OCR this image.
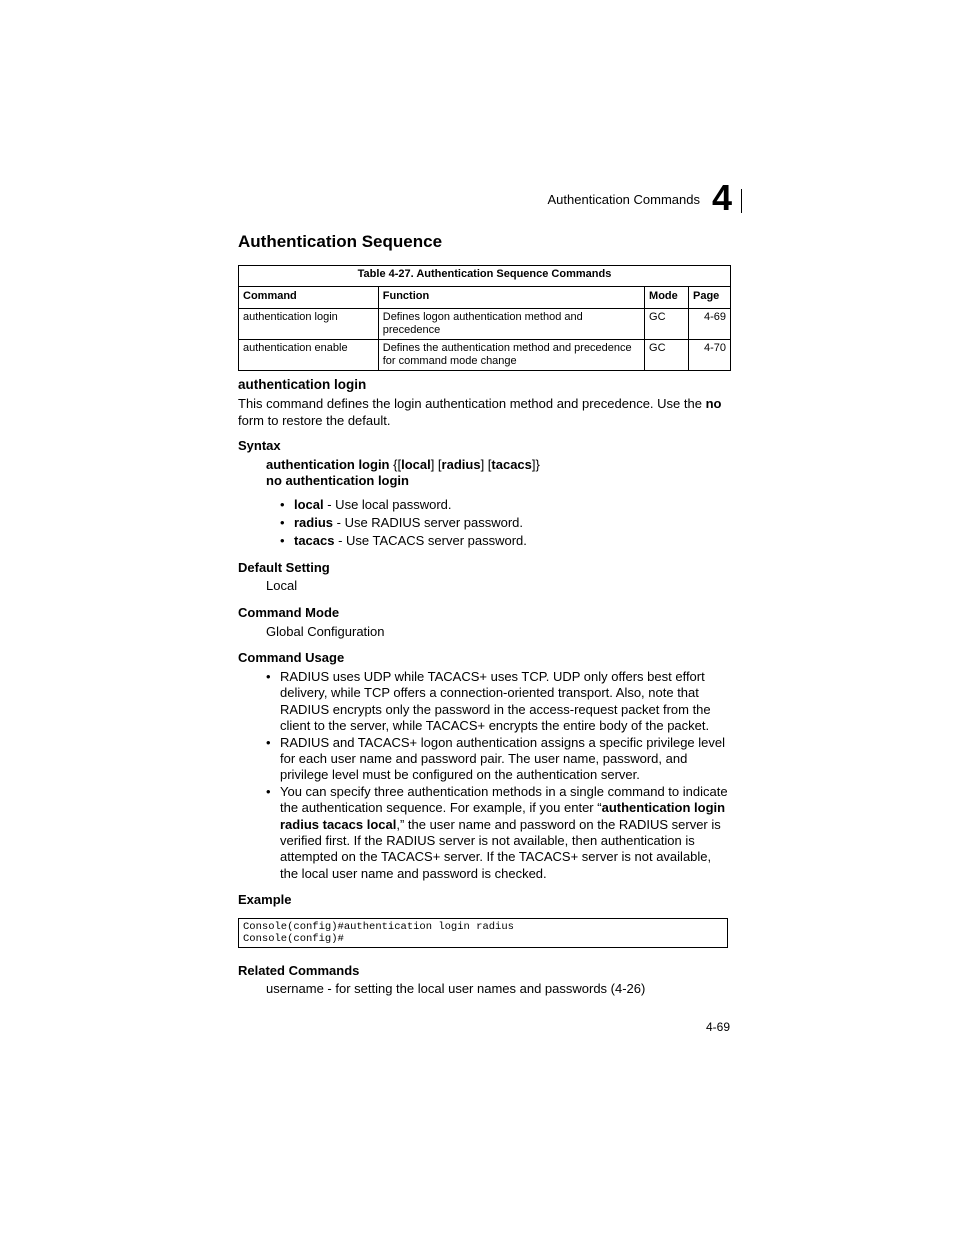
Authentication Commands 4
Authentication Sequence
Table 4-27. Authentication Sequence Commands			
Command	Function	Mode	Page
authentication login	Defines logon authentication method and precedence	GC	4-69
authentication enable	Defines the authentication method and precedence for command mode change	GC	4-70
authentication login
This command defines the login authentication method and precedence. Use the no form to restore the default.
Syntax
authentication login {[local] [radius] [tacacs]}
no authentication login
• local - Use local password.
• radius - Use RADIUS server password.
• tacacs - Use TACACS server password.
Default Setting
Local
Command Mode
Global Configuration
Command Usage
• RADIUS uses UDP while TACACS+ uses TCP. UDP only offers best effort delivery, while TCP offers a connection-oriented transport. Also, note that RADIUS encrypts only the password in the access-request packet from the client to the server, while TACACS+ encrypts the entire body of the packet.
• RADIUS and TACACS+ logon authentication assigns a specific privilege level for each user name and password pair. The user name, password, and privilege level must be configured on the authentication server.
• You can specify three authentication methods in a single command to indicate the authentication sequence. For example, if you enter “authentication login radius tacacs local,” the user name and password on the RADIUS server is verified first. If the RADIUS server is not available, then authentication is attempted on the TACACS+ server. If the TACACS+ server is not available, the local user name and password is checked.
Example
Console(config)#authentication login radius
Console(config)#
Related Commands
username - for setting the local user names and passwords (4-26)
4-69
